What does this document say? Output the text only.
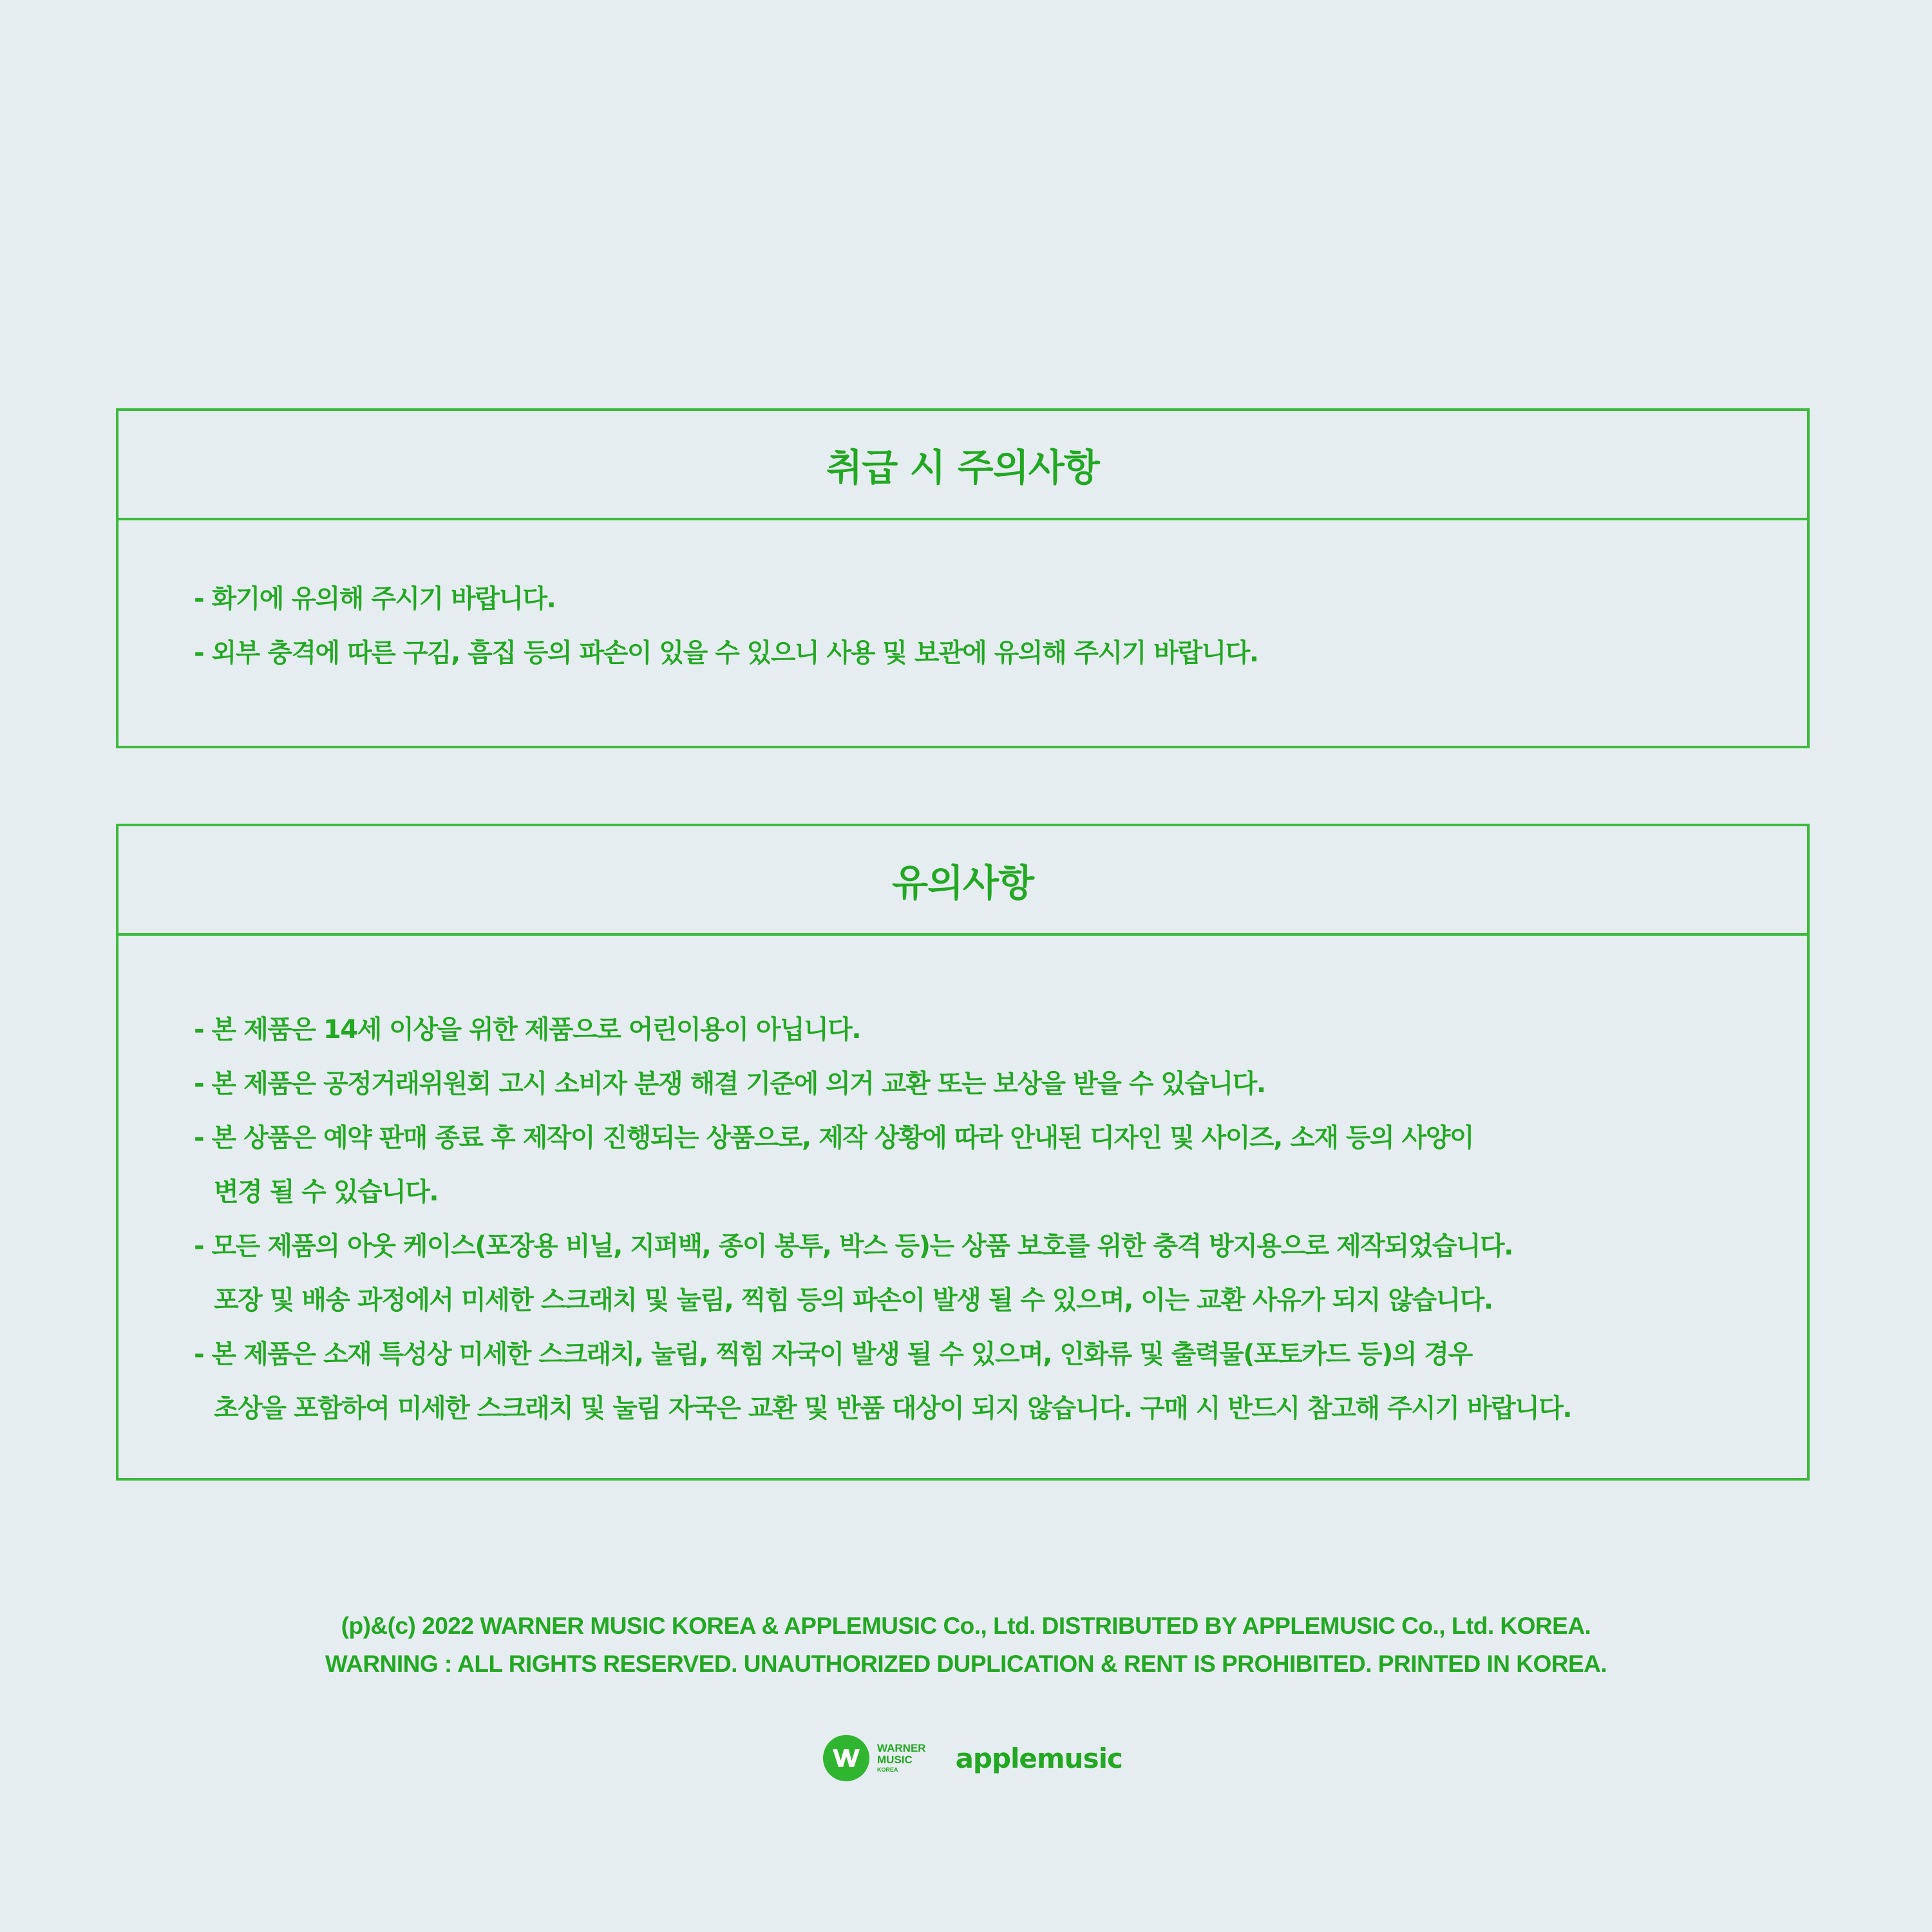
취급 시 주의사항
- 화기에 유의해 주시기 바랍니다.
- 외부 충격에 따른 구김, 흠집 등의 파손이 있을 수 있으니 사용 및 보관에 유의해 주시기 바랍니다.
유의사항
- 본 제품은 14세 이상을 위한 제품으로 어린이용이 아닙니다.
- 본 제품은 공정거래위원회 고시 소비자 분쟁 해결 기준에 의거 교환 또는 보상을 받을 수 있습니다.
- 본 상품은 예약 판매 종료 후 제작이 진행되는 상품으로, 제작 상황에 따라 안내된 디자인 및 사이즈, 소재 등의 사양이
변경 될 수 있습니다.
- 모든 제품의 아웃 케이스(포장용 비닐, 지퍼백, 종이 봉투, 박스 등)는 상품 보호를 위한 충격 방지용으로 제작되었습니다.
포장 및 배송 과정에서 미세한 스크래치 및 눌림, 찍힘 등의 파손이 발생 될 수 있으며, 이는 교환 사유가 되지 않습니다.
- 본 제품은 소재 특성상 미세한 스크래치, 눌림, 찍힘 자국이 발생 될 수 있으며, 인화류 및 출력물(포토카드 등)의 경우
초상을 포함하여 미세한 스크래치 및 눌림 자국은 교환 및 반품 대상이 되지 않습니다. 구매 시 반드시 참고해 주시기 바랍니다.
(p)&(c) 2022 WARNER MUSIC KOREA & APPLEMUSIC Co., Ltd. DISTRIBUTED BY APPLEMUSIC Co., Ltd. KOREA.
WARNING : ALL RIGHTS RESERVED. UNAUTHORIZED DUPLICATION & RENT IS PROHIBITED. PRINTED IN KOREA.
WARNER
MUSIC
KOREA	applemusic
